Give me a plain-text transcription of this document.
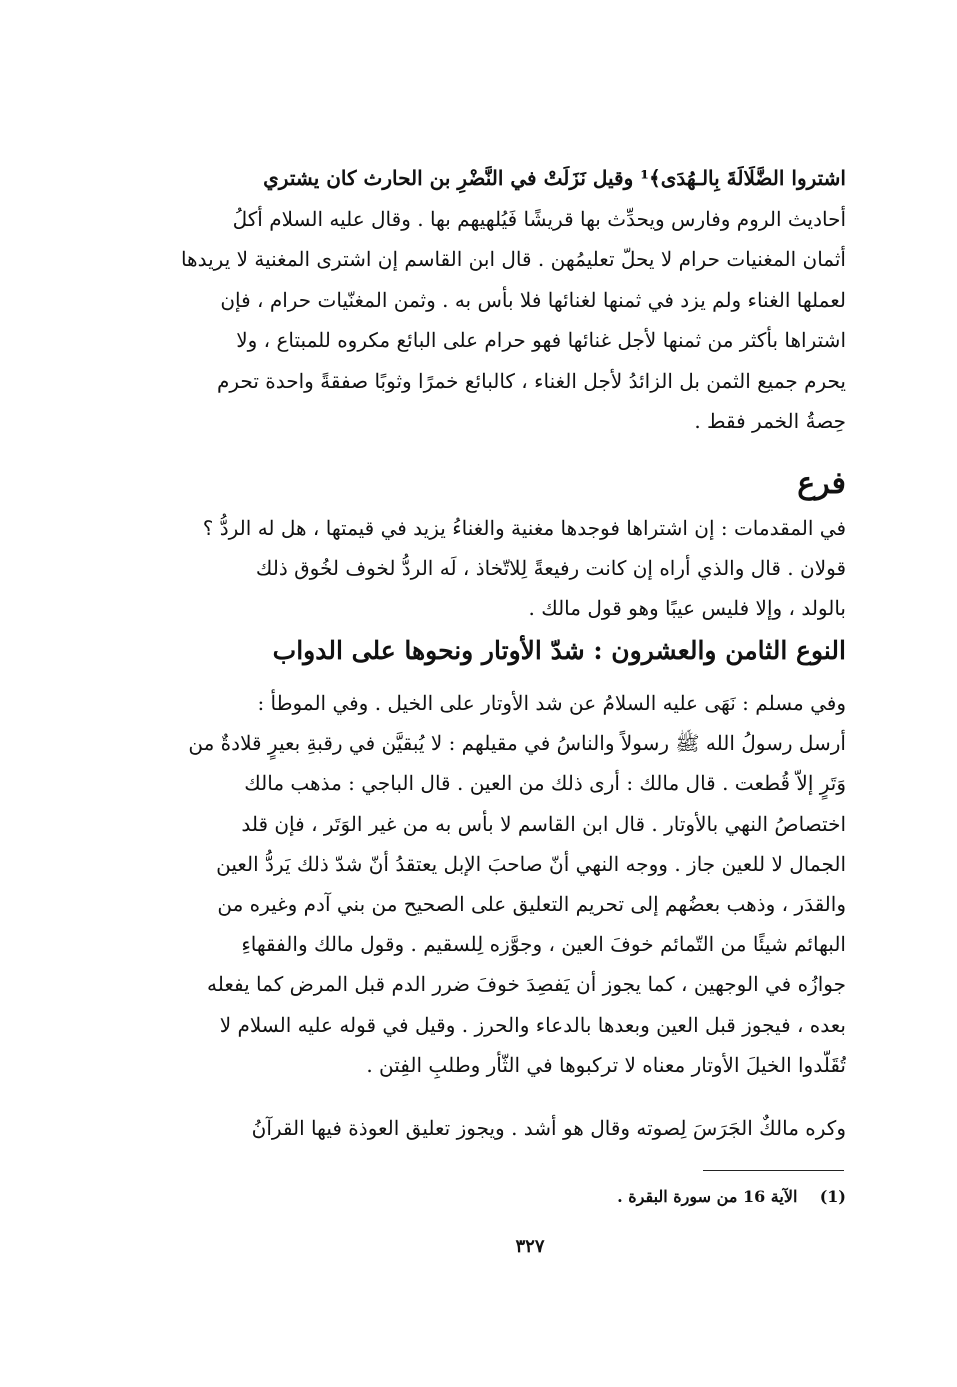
اشتروا الضَّلَالَةَ بِالـهُدَى﴾¹ وقيل نَزَلَتْ في النَّضْرِ بن الحارث كان يشتري
أحاديث الروم وفارس ويحدِّث بها قريشًا فَيُلهيهم بها . وقال عليه السلام أكلُ
أثمان المغنيات حرام لا يحلّ تعليمُهن . قال ابن القاسم إن اشترى المغنية لا يريدها
لعملها الغناء ولم يزد في ثمنها لغنائها فلا بأس به . وثمن المغنّيات حرام ، فإن
اشتراها بأكثر من ثمنها لأجل غنائها فهو حرام على البائع مكروه للمبتاع ، ولا
يحرم جميع الثمن بل الزائدُ لأجل الغناء ، كالبائع خمرًا وثوبًا صفقةً واحدة تحرم
حِصةُ الخمر فقط .
فرع
في المقدمات : إن اشتراها فوجدها مغنية والغناءُ يزيد في قيمتها ، هل له الردُّ ؟
قولان . قال والذي أراه إن كانت رفيعةً لِلاتّخاذ ، لَه الردُّ لخوف لخُوق ذلك
بالولد ، وإلا فليس عيبًا وهو قول مالك .
النوع الثامن والعشرون : شدّ الأوتار ونحوها على الدواب
وفي مسلم : نَهَى عليه السلامُ عن شد الأوتار على الخيل . وفي الموطأ :
أرسل رسولُ الله ﷺ رسولاً والناسُ في مقيلهم : لا يُبقيَّن في رقبةِ بعيرٍ قلادةٌ من
وَتَرٍ إلاّ قُطعت . قال مالك : أرى ذلك من العين . قال الباجي : مذهب مالك
اختصاصُ النهي بالأوتار . قال ابن القاسم لا بأس به من غير الوَتَر ، فإن قلد
الجمال لا للعين جاز . ووجه النهي أنّ صاحبَ الإبل يعتقدُ أنّ شدّ ذلك يَردُّ العين
والقدَر ، وذهب بعضُهم إلى تحريم التعليق على الصحيح من بني آدم وغيره من
البهائم شيئًا من التّمائم خوفَ العين ، وجوَّزه لِلسقيم . وقول مالك والفقهاءِ
جوازُه في الوجهين ، كما يجوز أن يَفصِدَ خوفَ ضرر الدم قبل المرض كما يفعله
بعده ، فيجوز قبل العين وبعدها بالدعاء والحرز . وقيل في قوله عليه السلام لا
تُقَلّدوا الخيلَ الأوتار معناه لا تركبوها في الثّأر وطلبِ الفِتن .
وكره مالكٌ الجَرَسَ لِصوته وقال هو أشد . ويجوز تعليق العوذة فيها القرآنُ
(1)    الآية 16 من سورة البقرة .
٣٢٧
